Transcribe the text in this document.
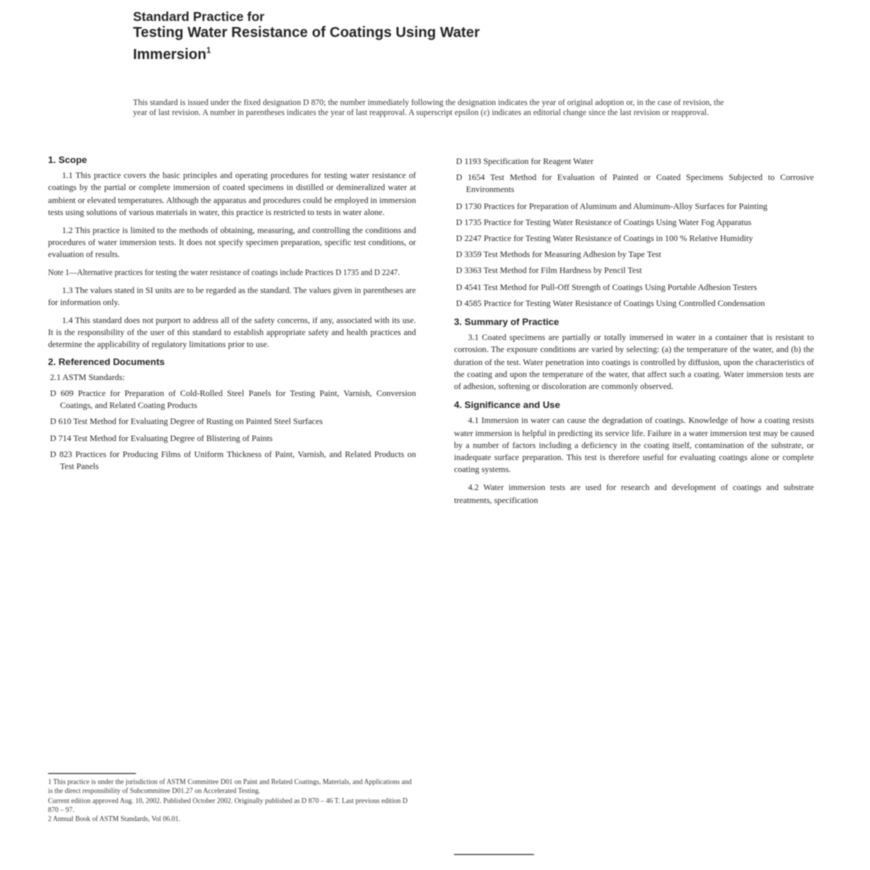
Standard Practice for
Testing Water Resistance of Coatings Using Water
Immersion$^1$
This standard is issued under the fixed designation D 870; the number immediately following the designation indicates the year of original adoption or, in the case of revision, the year of last revision. A number in parentheses indicates the year of last reapproval. A superscript epsilon (ε) indicates an editorial change since the last revision or reapproval.
1. Scope

1.1 This practice covers the basic principles and operating procedures for testing water resistance of coatings by the partial or complete immersion of coated specimens in distilled or demineralized water at ambient or elevated temperatures. Although the apparatus and procedures could be employed in immersion tests using solutions of various materials in water, this practice is restricted to tests in water alone.

1.2 This practice is limited to the methods of obtaining, measuring, and controlling the conditions and procedures of water immersion tests. It does not specify specimen preparation, specific test conditions, or evaluation of results.

Note 1—Alternative practices for testing the water resistance of coatings include Practices D 1735 and D 2247.

1.3 The values stated in SI units are to be regarded as the standard. The values given in parentheses are for information only.

1.4 This standard does not purport to address all of the safety concerns, if any, associated with its use. It is the responsibility of the user of this standard to establish appropriate safety and health practices and determine the applicability of regulatory limitations prior to use.

2. Referenced Documents

2.1 ASTM Standards:

D 609 Practice for Preparation of Cold-Rolled Steel Panels for Testing Paint, Varnish, Conversion Coatings, and Related Coating Products

D 610 Test Method for Evaluating Degree of Rusting on Painted Steel Surfaces

D 714 Test Method for Evaluating Degree of Blistering of Paints

D 823 Practices for Producing Films of Uniform Thickness of Paint, Varnish, and Related Products on Test Panels

D 1193 Specification for Reagent Water

D 1654 Test Method for Evaluation of Painted or Coated Specimens Subjected to Corrosive Environments

D 1730 Practices for Preparation of Aluminum and Aluminum-Alloy Surfaces for Painting

D 1735 Practice for Testing Water Resistance of Coatings Using Water Fog Apparatus

D 2247 Practice for Testing Water Resistance of Coatings in 100 % Relative Humidity

D 3359 Test Methods for Measuring Adhesion by Tape Test

D 3363 Test Method for Film Hardness by Pencil Test

D 4541 Test Method for Pull-Off Strength of Coatings Using Portable Adhesion Testers

D 4585 Practice for Testing Water Resistance of Coatings Using Controlled Condensation

3. Summary of Practice

3.1 Coated specimens are partially or totally immersed in water in a container that is resistant to corrosion. The exposure conditions are varied by selecting: (a) the temperature of the water, and (b) the duration of the test. Water penetration into coatings is controlled by diffusion, upon the characteristics of the coating and upon the temperature of the water, that affect such a coating. Water immersion tests are of adhesion, softening or discoloration are commonly observed.

4. Significance and Use

4.1 Immersion in water can cause the degradation of coatings. Knowledge of how a coating resists water immersion is helpful in predicting its service life. Failure in a water immersion test may be caused by a number of factors including a deficiency in the coating itself, contamination of the substrate, or inadequate surface preparation. This test is therefore useful for evaluating coatings alone or complete coating systems.

4.2 Water immersion tests are used for research and development of coatings and substrate treatments, specification

1 This practice is under the jurisdiction of ASTM Committee D01 on Paint and Related Coatings, Materials, and Applications and is the direct responsibility of Subcommittee D01.27 on Accelerated Testing.
Current edition approved Aug. 10, 2002. Published October 2002. Originally published as D 870 – 46 T. Last previous edition D 870 – 97.
2 Annual Book of ASTM Standards, Vol 06.01.
